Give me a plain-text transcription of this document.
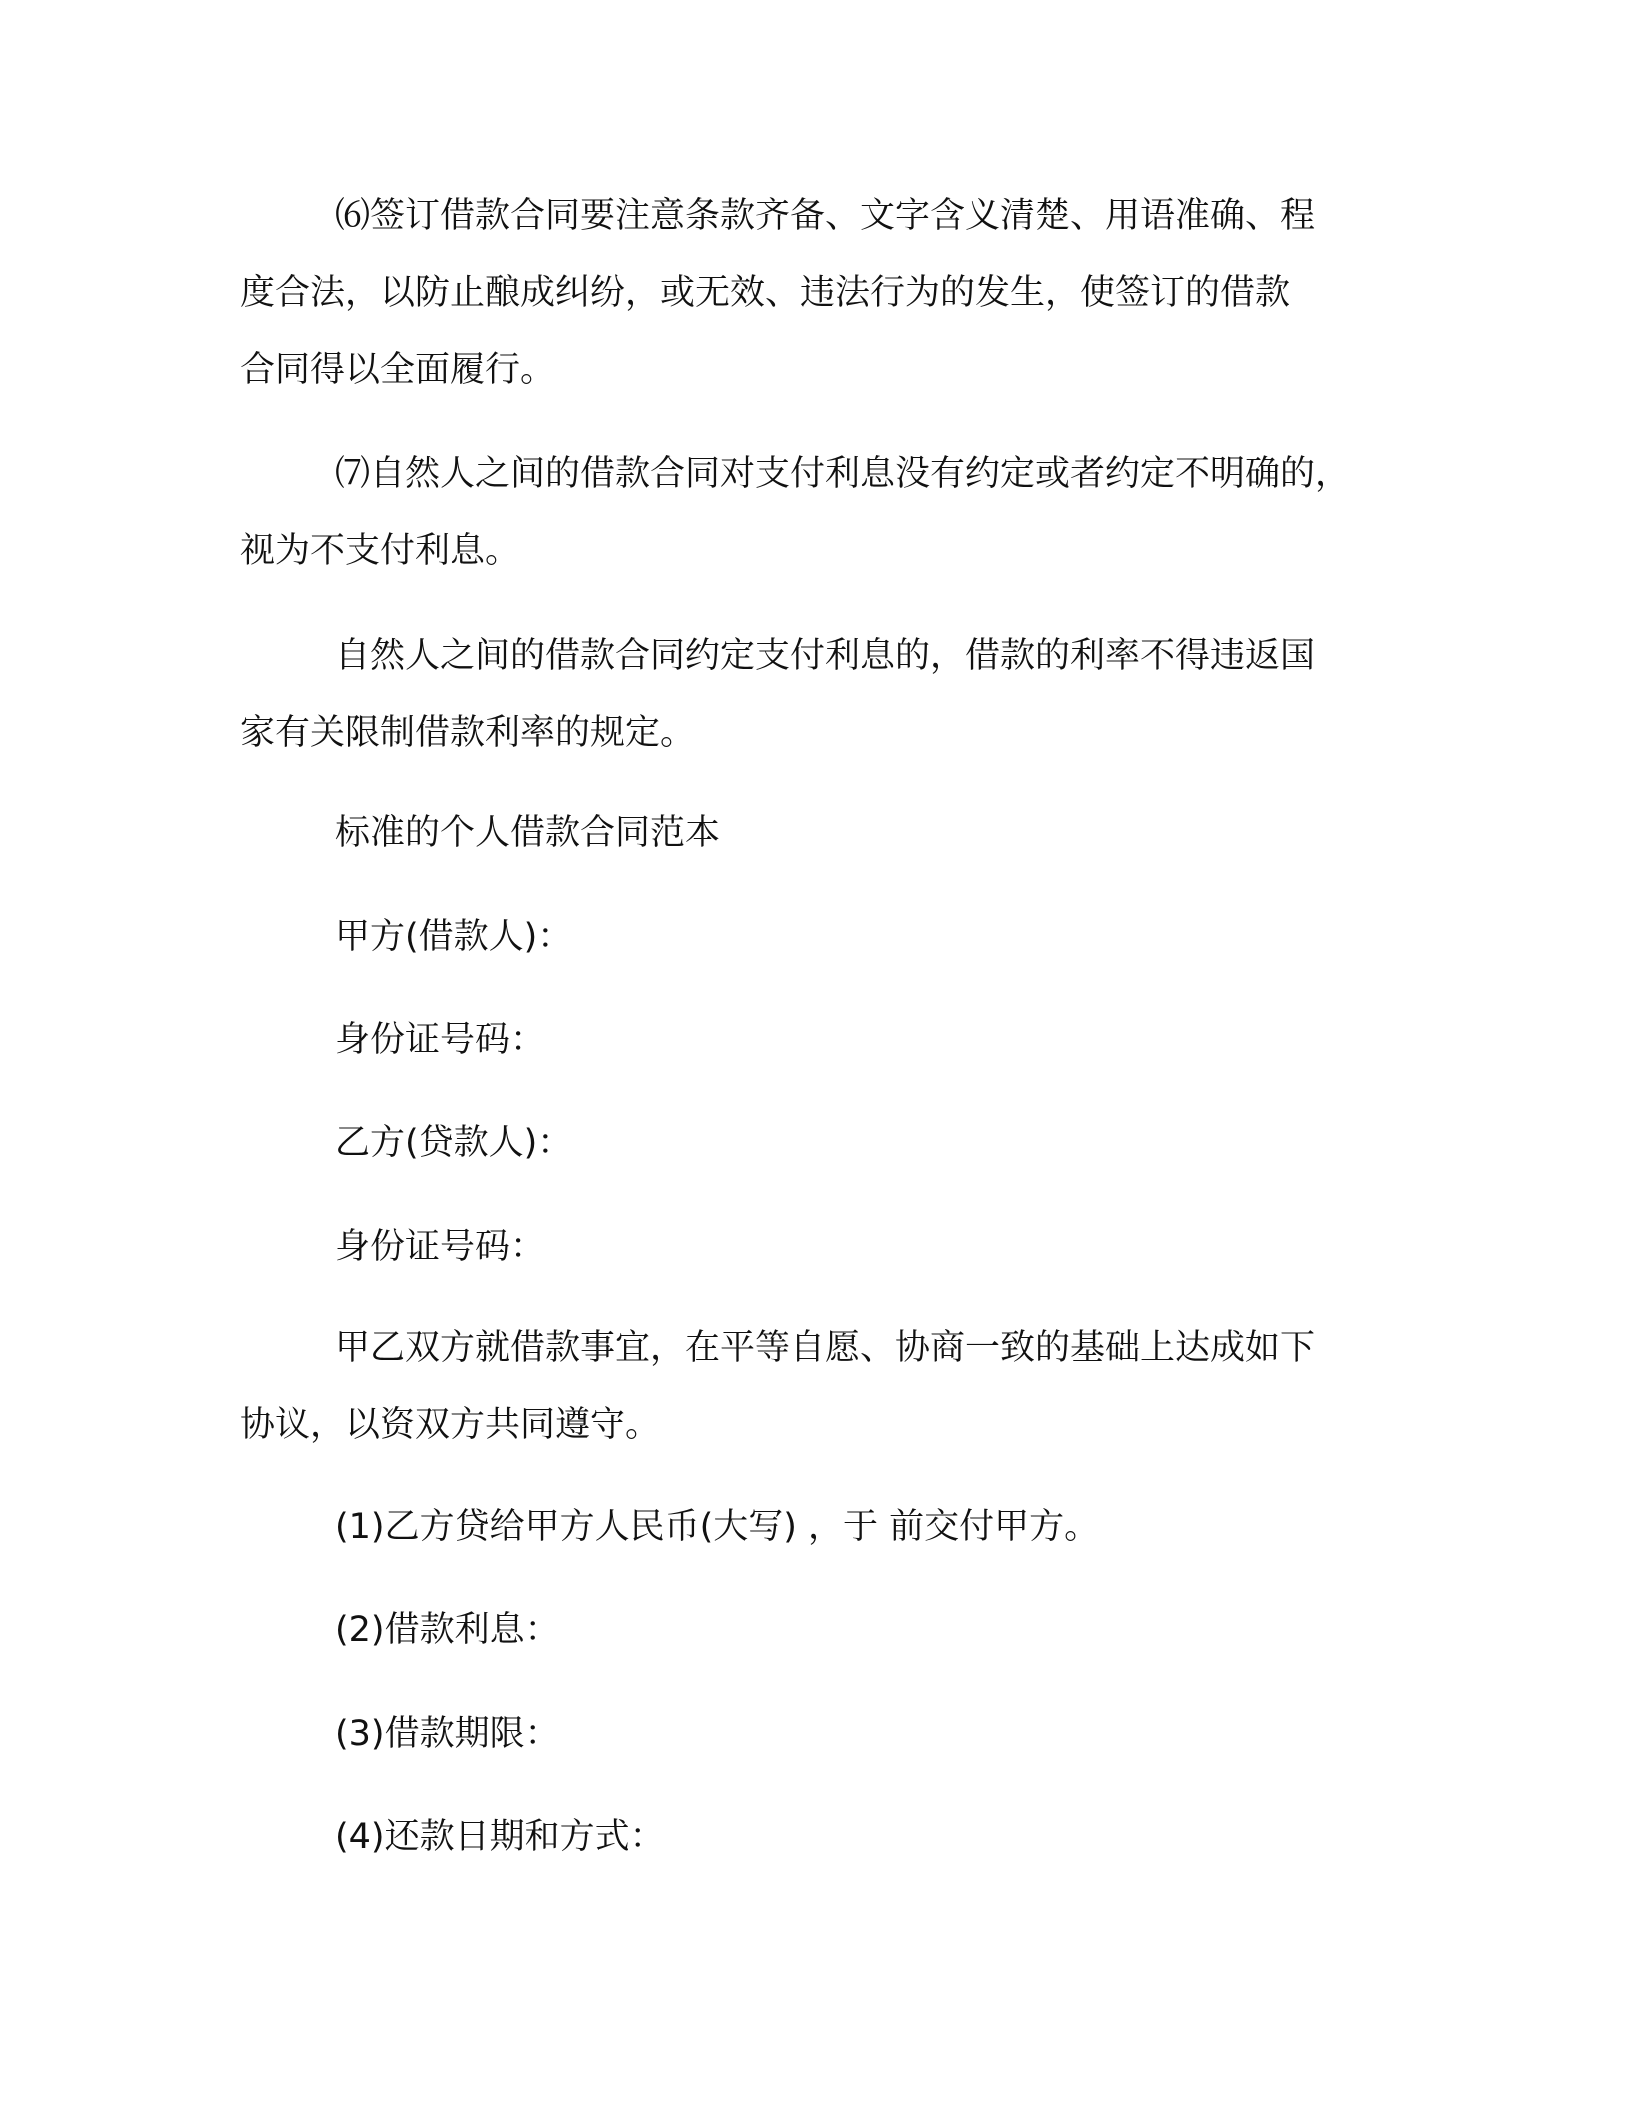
⑹签订借款合同要注意条款齐备、文字含义清楚、用语准确、程
度合法，以防止酿成纠纷，或无效、违法行为的发生，使签订的借款
合同得以全面履行。

⑺自然人之间的借款合同对支付利息没有约定或者约定不明确的，
视为不支付利息。

自然人之间的借款合同约定支付利息的，借款的利率不得违返国
家有关限制借款利率的规定。

标准的个人借款合同范本

甲方(借款人)：

身份证号码：

乙方(贷款人)：

身份证号码：

甲乙双方就借款事宜，在平等自愿、协商一致的基础上达成如下
协议，以资双方共同遵守。

(1)乙方贷给甲方人民币(大写) ，于 前交付甲方。

(2)借款利息：

(3)借款期限：

(4)还款日期和方式：
